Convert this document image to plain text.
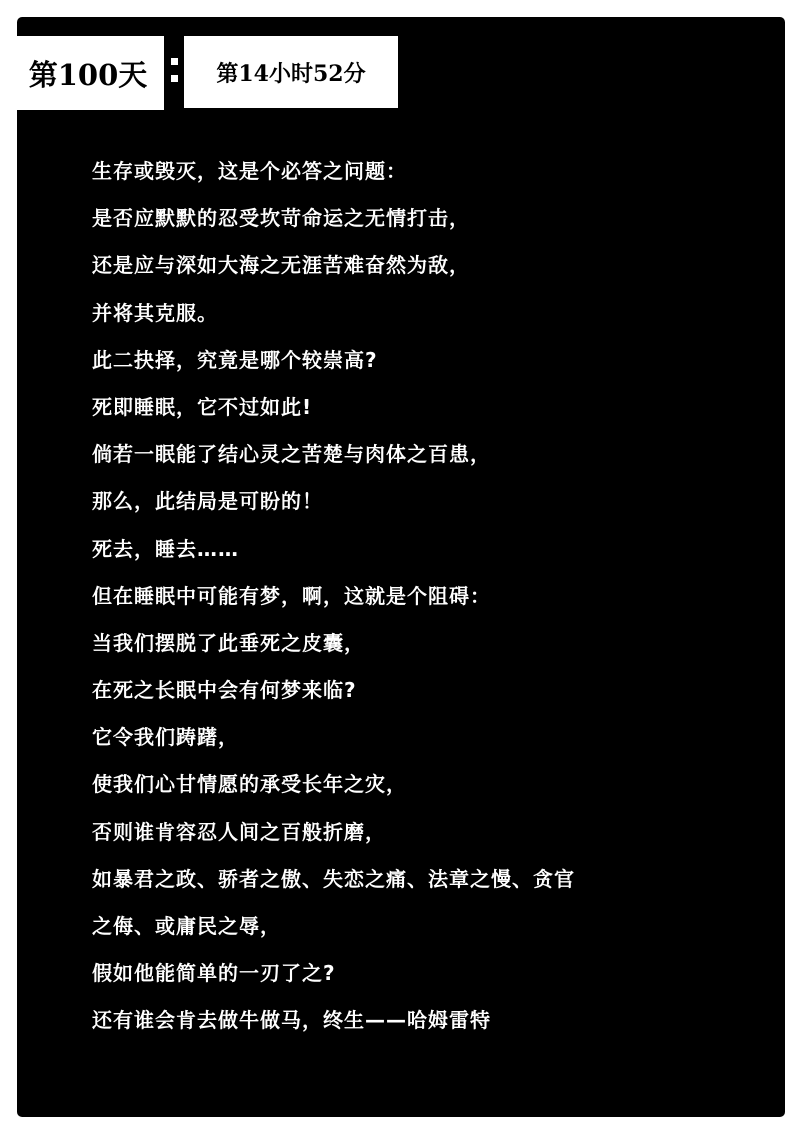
第100天	第14小时52分
生存或毁灭，这是个必答之问题：
是否应默默的忍受坎苛命运之无情打击，
还是应与深如大海之无涯苦难奋然为敌，
并将其克服。
此二抉择，究竟是哪个较崇高?
死即睡眠，它不过如此!
倘若一眠能了结心灵之苦楚与肉体之百患，
那么，此结局是可盼的！
死去，睡去……
但在睡眠中可能有梦，啊，这就是个阻碍：
当我们摆脱了此垂死之皮囊，
在死之长眠中会有何梦来临?
它令我们踌躇，
使我们心甘情愿的承受长年之灾，
否则谁肯容忍人间之百般折磨，
如暴君之政、骄者之傲、失恋之痛、法章之慢、贪官
之侮、或庸民之辱，
假如他能简单的一刃了之?
还有谁会肯去做牛做马，终生——哈姆雷特
